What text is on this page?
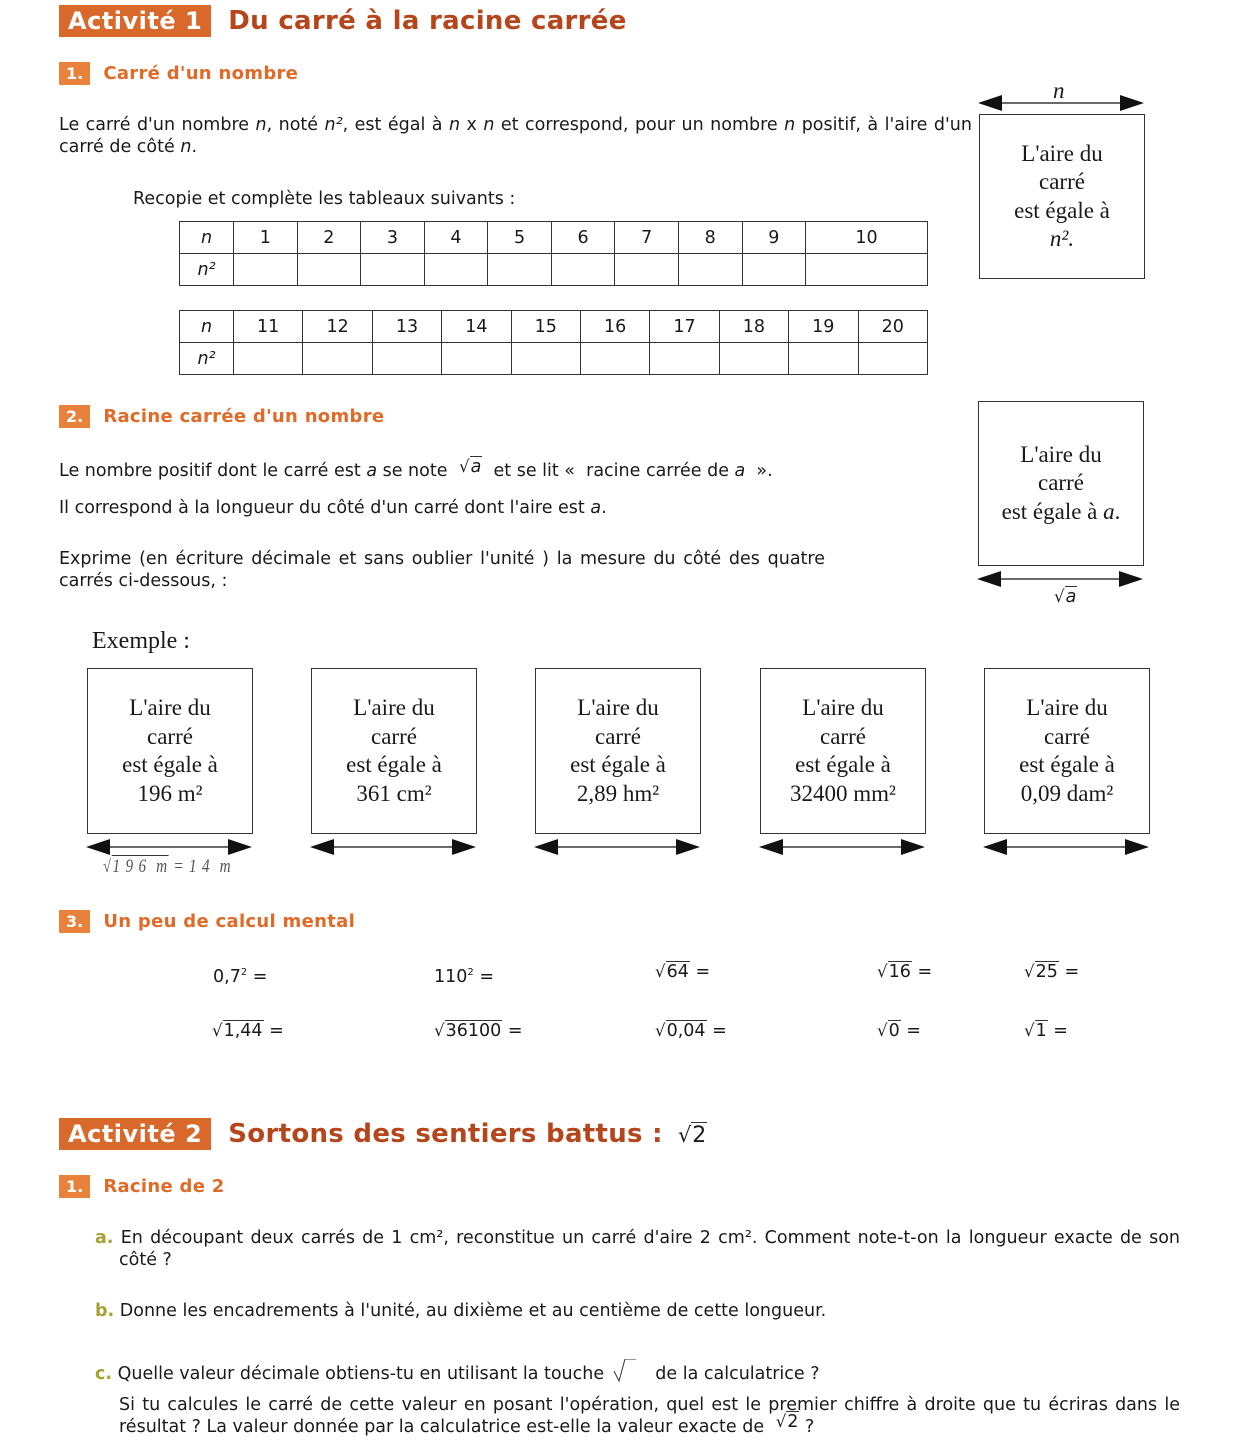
Activité 1 Du carré à la racine carrée
1. Carré d'un nombre
Le carré d'un nombre n, noté n², est égal à n x n et correspond, pour un nombre n positif, à l'aire d'un carré de côté n.
Recopie et complète les tableaux suivants :
n
L'aire du
carré
est égale à
n².
n	1	2	3	4	5	6	7	8	9	10
n²										
n	11	12	13	14	15	16	17	18	19	20
n²										
2. Racine carrée d'un nombre
Le nombre positif dont le carré est a se note √a  et se lit «  racine carrée de a  ».
Il correspond à la longueur du côté d'un carré dont l'aire est a.
Exprime (en écriture décimale et sans oublier l'unité ) la mesure du côté des quatre carrés ci-dessous, :
L'aire du
carré
est égale à a.
√a
Exemple :
L'aire du
carré
est égale à
196 m²
L'aire du
carré
est égale à
361 cm²
L'aire du
carré
est égale à
2,89 hm²
L'aire du
carré
est égale à
32400 mm²
L'aire du
carré
est égale à
0,09 dam²
√1 9 6  m = 1 4  m
3. Un peu de calcul mental
$0,7^2$ =	$110^2$ =	√64 =	√16 =	√25 =
√1,44 =	√36100 =	√0,04 =	√0 =	√1 =
Activité 2 Sortons des sentiers battus : √2
1. Racine de 2
a. En découpant deux carrés de 1 cm², reconstitue un carré d'aire 2 cm². Comment note-t-on la longueur exacte de son côté ?
b. Donne les encadrements à l'unité, au dixième et au centième de cette longueur.
c. Quelle valeur décimale obtiens-tu en utilisant la touche	de la calculatrice ?
Si tu calcules le carré de cette valeur en posant l'opération, quel est le premier chiffre à droite que tu écriras dans le résultat ? La valeur donnée par la calculatrice est-elle la valeur exacte de √2 ?
